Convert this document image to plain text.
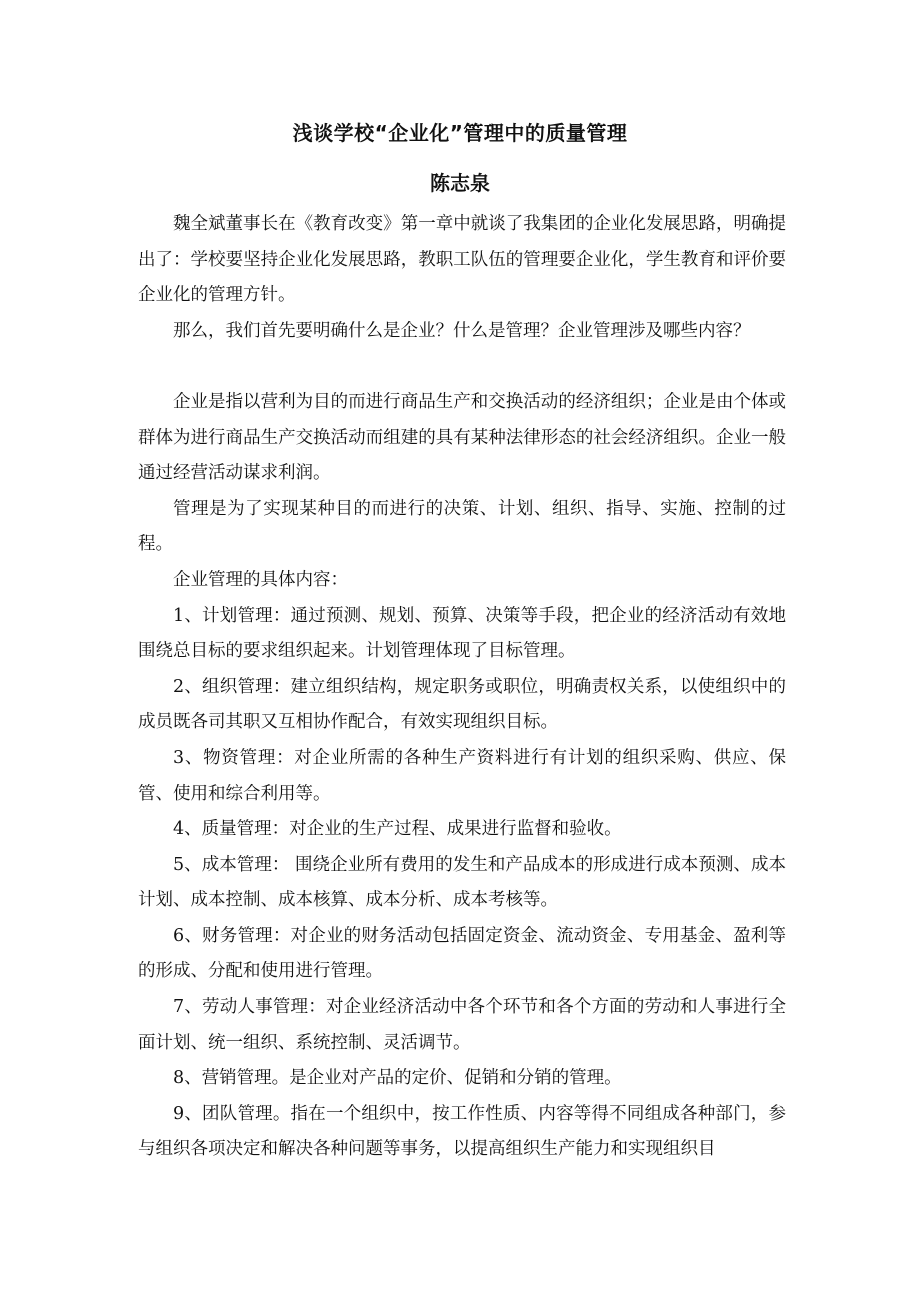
浅谈学校“企业化”管理中的质量管理
陈志泉

魏全斌董事长在《教育改变》第一章中就谈了我集团的企业化发展思路，明确提出了：学校要坚持企业化发展思路，教职工队伍的管理要企业化，学生教育和评价要企业化的管理方针。

那么，我们首先要明确什么是企业？什么是管理？企业管理涉及哪些内容？

企业是指以营利为目的而进行商品生产和交换活动的经济组织；企业是由个体或群体为进行商品生产交换活动而组建的具有某种法律形态的社会经济组织。企业一般通过经营活动谋求利润。

管理是为了实现某种目的而进行的决策、计划、组织、指导、实施、控制的过程。

企业管理的具体内容：

1、计划管理：通过预测、规划、预算、决策等手段，把企业的经济活动有效地围绕总目标的要求组织起来。计划管理体现了目标管理。

2、组织管理：建立组织结构，规定职务或职位，明确责权关系，以使组织中的成员既各司其职又互相协作配合，有效实现组织目标。

3、物资管理：对企业所需的各种生产资料进行有计划的组织采购、供应、保管、使用和综合利用等。

4、质量管理：对企业的生产过程、成果进行监督和验收。

5、成本管理： 围绕企业所有费用的发生和产品成本的形成进行成本预测、成本计划、成本控制、成本核算、成本分析、成本考核等。

6、财务管理：对企业的财务活动包括固定资金、流动资金、专用基金、盈利等的形成、分配和使用进行管理。

7、劳动人事管理：对企业经济活动中各个环节和各个方面的劳动和人事进行全面计划、统一组织、系统控制、灵活调节。

8、营销管理。是企业对产品的定价、促销和分销的管理。

9、团队管理。指在一个组织中，按工作性质、内容等得不同组成各种部门，参与组织各项决定和解决各种问题等事务，以提高组织生产能力和实现组织目
